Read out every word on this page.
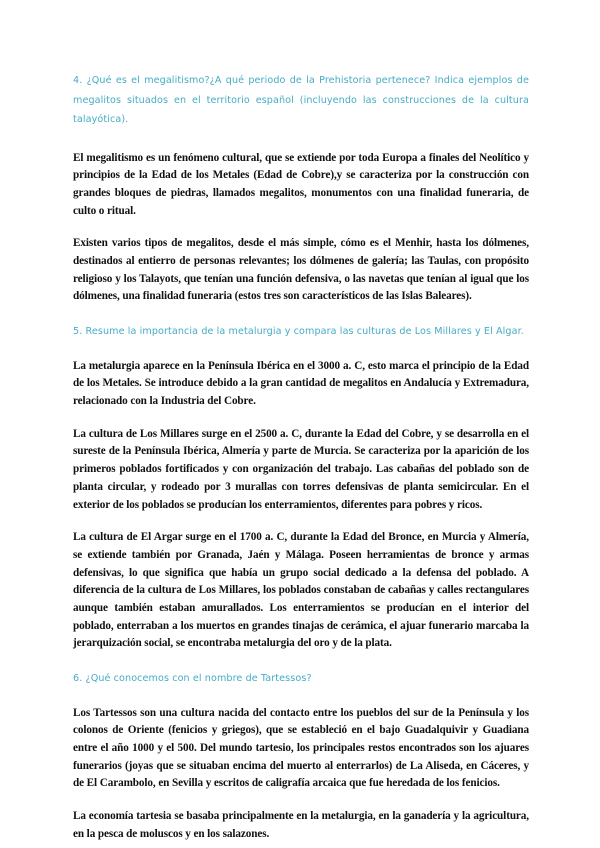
4. ¿Qué es el megalitismo?¿A qué periodo de la Prehistoria pertenece? Indica ejemplos de megalitos situados en el territorio español (incluyendo las construcciones de la cultura talayótica).

El megalitismo es un fenómeno cultural, que se extiende por toda Europa a finales del Neolítico y principios de la Edad de los Metales (Edad de Cobre),y se caracteriza por la construcción con grandes bloques de piedras, llamados megalitos, monumentos con una finalidad funeraria, de culto o ritual.

Existen varios tipos de megalitos, desde el más simple, cómo es el Menhir, hasta los dólmenes, destinados al entierro de personas relevantes; los dólmenes de galería; las Taulas, con propósito religioso y los Talayots, que tenían una función defensiva, o las navetas que tenían al igual que los dólmenes, una finalidad funeraria (estos tres son característicos de las Islas Baleares).

5. Resume la importancia de la metalurgia y compara las culturas de Los Millares y El Algar.

La metalurgia aparece en la Península Ibérica en el 3000 a. C, esto marca el principio de la Edad de los Metales. Se introduce debido a la gran cantidad de megalitos en Andalucía y Extremadura, relacionado con la Industria del Cobre.

La cultura de Los Millares surge en el 2500 a. C, durante la Edad del Cobre, y se desarrolla en el sureste de la Península Ibérica, Almería y parte de Murcia. Se caracteriza por la aparición de los primeros poblados fortificados y con organización del trabajo. Las cabañas del poblado son de planta circular, y rodeado por 3 murallas con torres defensivas de planta semicircular. En el exterior de los poblados se producían los enterramientos, diferentes para pobres y ricos.

La cultura de El Argar surge en el 1700 a. C, durante la Edad del Bronce, en Murcia y Almería, se extiende también por Granada, Jaén y Málaga. Poseen herramientas de bronce y armas defensivas, lo que significa que había un grupo social dedicado a la defensa del poblado. A diferencia de la cultura de Los Millares, los poblados constaban de cabañas y calles rectangulares aunque también estaban amurallados. Los enterramientos se producían en el interior del poblado, enterraban a los muertos en grandes tinajas de cerámica, el ajuar funerario marcaba la jerarquización social, se encontraba metalurgia del oro y de la plata.

6. ¿Qué conocemos con el nombre de Tartessos?

Los Tartessos son una cultura nacida del contacto entre los pueblos del sur de la Península y los colonos de Oriente (fenicios y griegos), que se estableció en el bajo Guadalquivir y Guadiana entre el año 1000 y el 500. Del mundo tartesio, los principales restos encontrados son los ajuares funerarios (joyas que se situaban encima del muerto al enterrarlos) de La Aliseda, en Cáceres, y de El Carambolo, en Sevilla y escritos de caligrafía arcaica que fue heredada de los fenicios.

La economía tartesia se basaba principalmente en la metalurgia, en la ganadería y la agricultura, en la pesca de moluscos y en los salazones.
